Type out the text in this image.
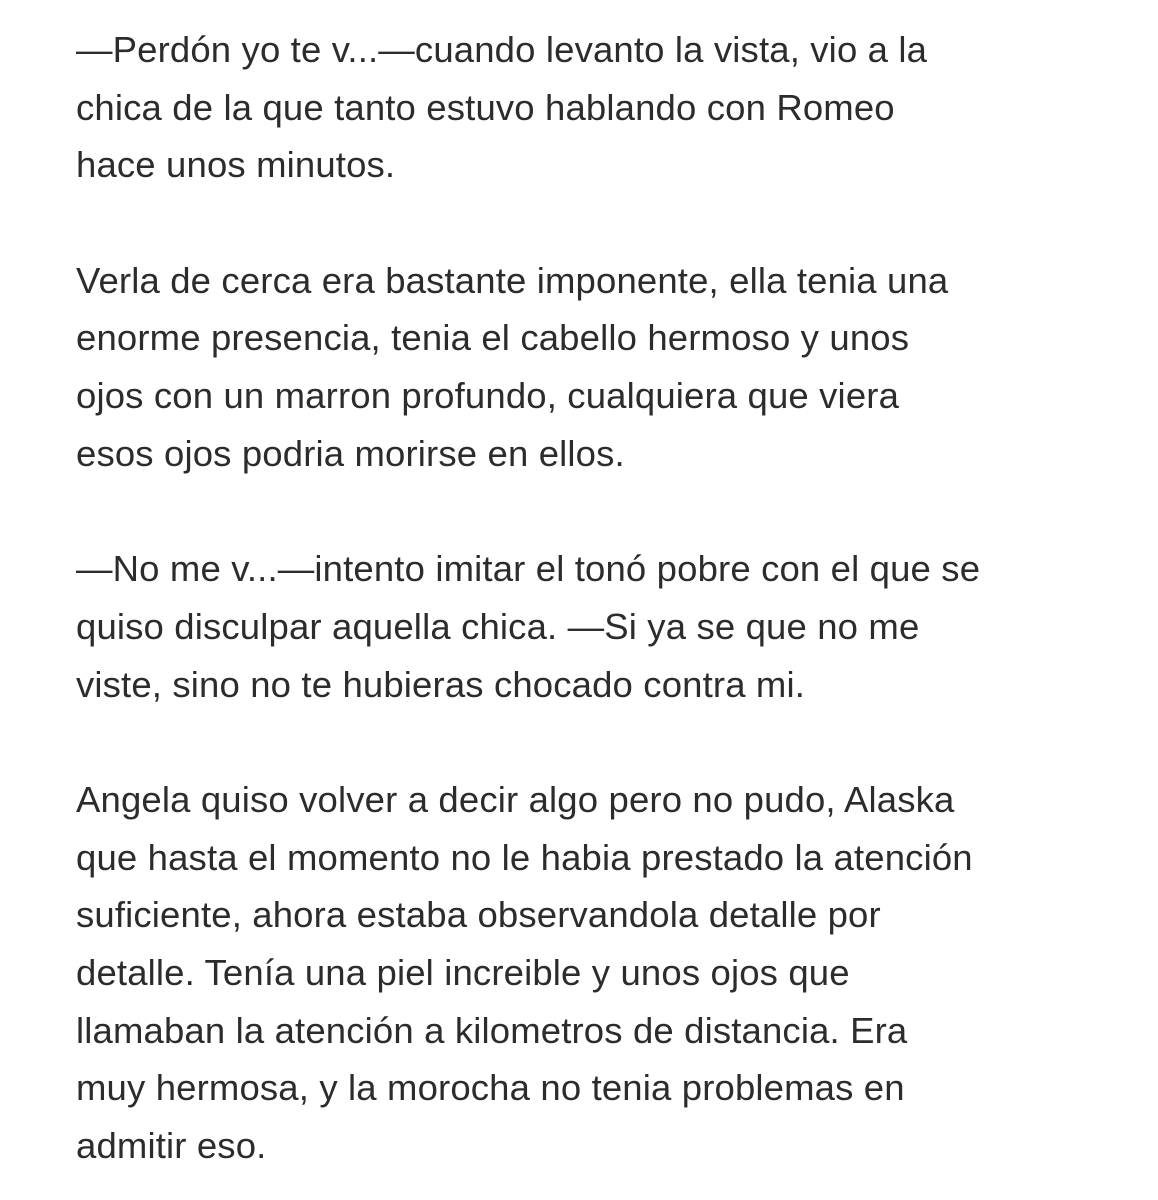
—Perdón yo te v...—cuando levanto la vista, vio a la
chica de la que tanto estuvo hablando con Romeo
hace unos minutos.

Verla de cerca era bastante imponente, ella tenia una
enorme presencia, tenia el cabello hermoso y unos
ojos con un marron profundo, cualquiera que viera
esos ojos podria morirse en ellos.

—No me v...—intento imitar el tonó pobre con el que se
quiso disculpar aquella chica. —Si ya se que no me
viste, sino no te hubieras chocado contra mi.

Angela quiso volver a decir algo pero no pudo, Alaska
que hasta el momento no le habia prestado la atención
suficiente, ahora estaba observandola detalle por
detalle. Tenía una piel increible y unos ojos que
llamaban la atención a kilometros de distancia. Era
muy hermosa, y la morocha no tenia problemas en
admitir eso.
